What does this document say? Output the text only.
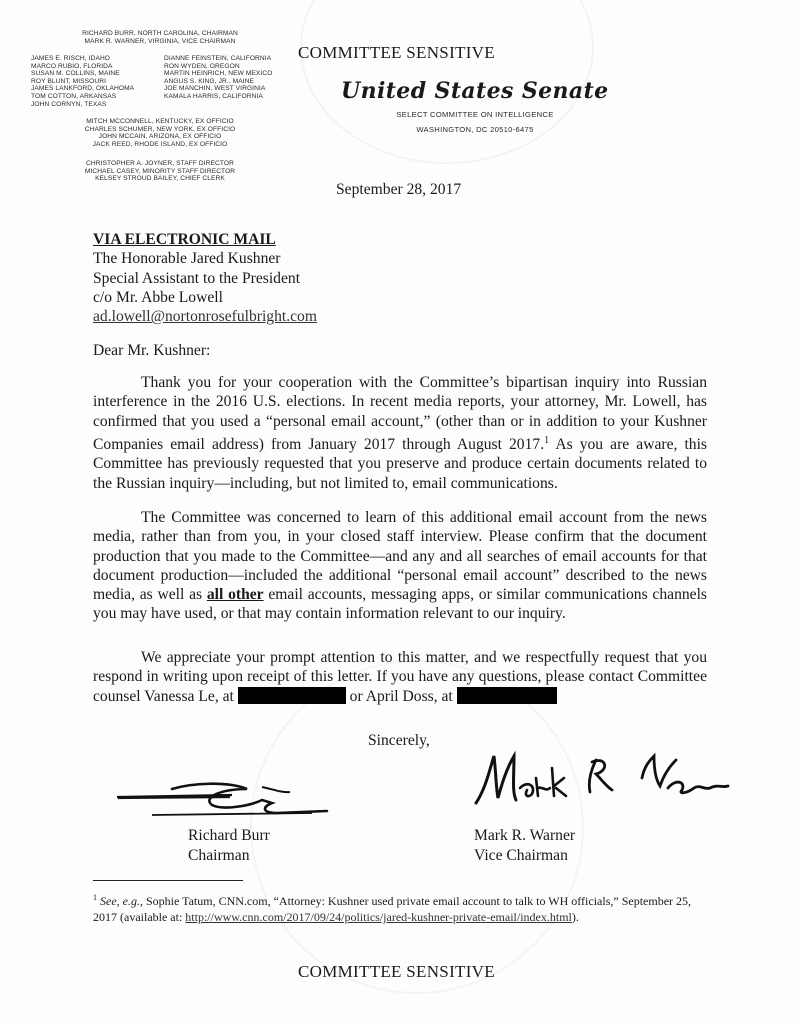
RICHARD BURR, NORTH CAROLINA, CHAIRMAN
MARK R. WARNER, VIRGINIA, VICE CHAIRMAN
JAMES E. RISCH, IDAHO
MARCO RUBIO, FLORIDA
SUSAN M. COLLINS, MAINE
ROY BLUNT, MISSOURI
JAMES LANKFORD, OKLAHOMA
TOM COTTON, ARKANSAS
JOHN CORNYN, TEXAS
DIANNE FEINSTEIN, CALIFORNIA
RON WYDEN, OREGON
MARTIN HEINRICH, NEW MEXICO
ANGUS S. KING, JR., MAINE
JOE MANCHIN, WEST VIRGINIA
KAMALA HARRIS, CALIFORNIA
MITCH MCCONNELL, KENTUCKY, EX OFFICIO
CHARLES SCHUMER, NEW YORK, EX OFFICIO
JOHN MCCAIN, ARIZONA, EX OFFICIO
JACK REED, RHODE ISLAND, EX OFFICIO
CHRISTOPHER A. JOYNER, STAFF DIRECTOR
MICHAEL CASEY, MINORITY STAFF DIRECTOR
KELSEY STROUD BAILEY, CHIEF CLERK
COMMITTEE SENSITIVE
United States Senate
SELECT COMMITTEE ON INTELLIGENCE
WASHINGTON, DC 20510-6475
September 28, 2017
VIA ELECTRONIC MAIL
The Honorable Jared Kushner
Special Assistant to the President
c/o Mr. Abbe Lowell
ad.lowell@nortonrosefulbright.com
Dear Mr. Kushner:
Thank you for your cooperation with the Committee’s bipartisan inquiry into Russian interference in the 2016 U.S. elections. In recent media reports, your attorney, Mr. Lowell, has confirmed that you used a “personal email account,” (other than or in addition to your Kushner Companies email address) from January 2017 through August 2017.$^1$ As you are aware, this Committee has previously requested that you preserve and produce certain documents related to the Russian inquiry—including, but not limited to, email communications.
The Committee was concerned to learn of this additional email account from the news media, rather than from you, in your closed staff interview. Please confirm that the document production that you made to the Committee—and any and all searches of email accounts for that document production—included the additional “personal email account” described to the news media, as well as all other email accounts, messaging apps, or similar communications channels you may have used, or that may contain information relevant to our inquiry.
We appreciate your prompt attention to this matter, and we respectfully request that you respond in writing upon receipt of this letter. If you have any questions, please contact Committee counsel Vanessa Le, at	or April Doss, at
Sincerely,
Richard Burr
Chairman
Mark R. Warner
Vice Chairman
$^1$ See, e.g., Sophie Tatum, CNN.com, “Attorney: Kushner used private email account to talk to WH officials,” September 25, 2017 (available at: http://www.cnn.com/2017/09/24/politics/jared-kushner-private-email/index.html).
COMMITTEE SENSITIVE
